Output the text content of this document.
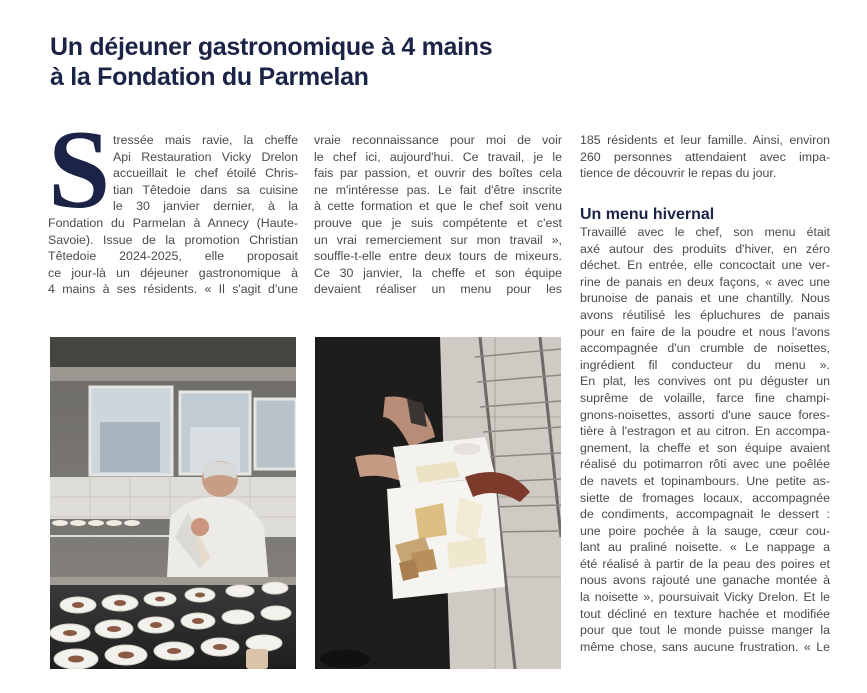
Un déjeuner gastronomique à 4 mains
à la Fondation du Parmelan
S tressée mais ravie, la cheffe
Api Restauration Vicky Drelon
accueillait le chef étoilé Chris-
tian Têtedoie dans sa cuisine
le 30 janvier dernier, à la
Fondation du Parmelan à Annecy (Haute-
Savoie). Issue de la promotion Christian
Têtedoie 2024-2025, elle proposait
ce jour-là un déjeuner gastronomique à
4 mains à ses résidents. « Il s'agit d'une
vraie reconnaissance pour moi de voir
le chef ici, aujourd'hui. Ce travail, je le
fais par passion, et ouvrir des boîtes cela
ne m'intéresse pas. Le fait d'être inscrite
à cette formation et que le chef soit venu
prouve que je suis compétente et c'est
un vrai remerciement sur mon travail »,
souffle-t-elle entre deux tours de mixeurs.
Ce 30 janvier, la cheffe et son équipe
devaient réaliser un menu pour les
185 résidents et leur famille. Ainsi, environ
260 personnes attendaient avec impa-
tience de découvrir le repas du jour.
Un menu hivernal
Travaillé avec le chef, son menu était
axé autour des produits d'hiver, en zéro
déchet. En entrée, elle concoctait une ver-
rine de panais en deux façons, « avec une
brunoise de panais et une chantilly. Nous
avons réutilisé les épluchures de panais
pour en faire de la poudre et nous l'avons
accompagnée d'un crumble de noisettes,
ingrédient fil conducteur du menu ».
En plat, les convives ont pu déguster un
suprême de volaille, farce fine champi-
gnons-noisettes, assorti d'une sauce fores-
tière à l'estragon et au citron. En accompa-
gnement, la cheffe et son équipe avaient
réalisé du potimarron rôti avec une poêlée
de navets et topinambours. Une petite as-
siette de fromages locaux, accompagnée
de condiments, accompagnait le dessert :
une poire pochée à la sauge, cœur cou-
lant au praliné noisette. « Le nappage a
été réalisé à partir de la peau des poires et
nous avons rajouté une ganache montée à
la noisette », poursuivait Vicky Drelon. Et le
tout décliné en texture hachée et modifiée
pour que tout le monde puisse manger la
même chose, sans aucune frustration. « Le
